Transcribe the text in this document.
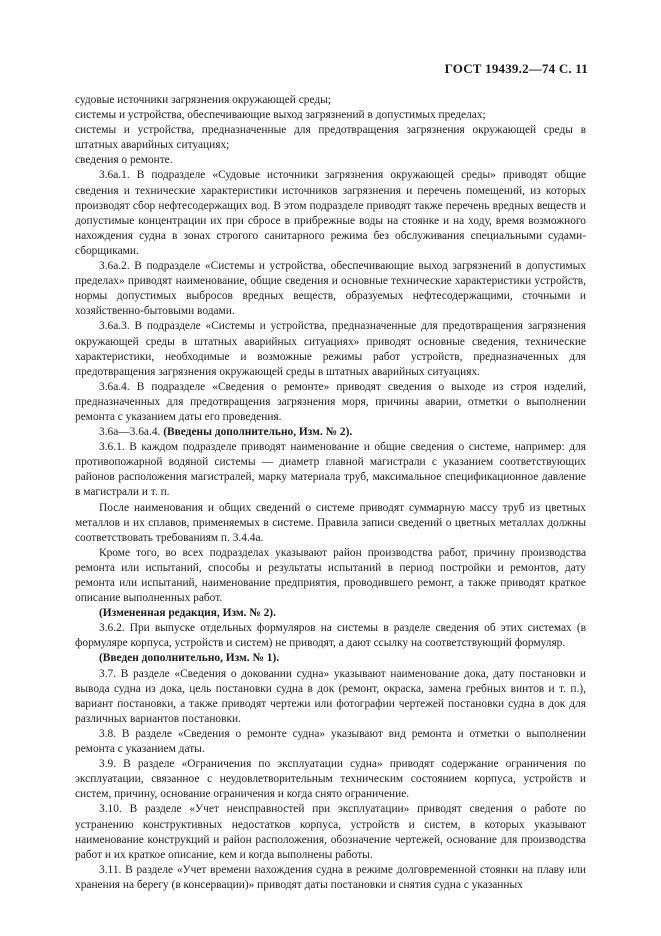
ГОСТ 19439.2—74 С. 11

судовые источники загрязнения окружающей среды;

системы и устройства, обеспечивающие выход загрязнений в допустимых пределах;

системы и устройства, предназначенные для предотвращения загрязнения окружающей среды в штатных аварийных ситуациях;

сведения о ремонте.

3.6а.1. В подразделе «Судовые источники загрязнения окружающей среды» приводят общие сведения и технические характеристики источников загрязнения и перечень помещений, из которых производят сбор нефтесодержащих вод. В этом подразделе приводят также перечень вредных веществ и допустимые концентрации их при сбросе в прибрежные воды на стоянке и на ходу, время возможного нахождения судна в зонах строгого санитарного режима без обслуживания специальными судами-сборщиками.

3.6а.2. В подразделе «Системы и устройства, обеспечивающие выход загрязнений в допустимых пределах» приводят наименование, общие сведения и основные технические характеристики устройств, нормы допустимых выбросов вредных веществ, образуемых нефтесодержащими, сточными и хозяйственно-бытовыми водами.

3.6а.3. В подразделе «Системы и устройства, предназначенные для предотвращения загрязнения окружающей среды в штатных аварийных ситуациях» приводят основные сведения, технические характеристики, необходимые и возможные режимы работ устройств, предназначенных для предотвращения загрязнения окружающей среды в штатных аварийных ситуациях.

3.6а.4. В подразделе «Сведения о ремонте» приводят сведения о выходе из строя изделий, предназначенных для предотвращения загрязнения моря, причины аварии, отметки о выполнении ремонта с указанием даты его проведения.

3.6а—3.6а.4. (Введены дополнительно, Изм. № 2).

3.6.1. В каждом подразделе приводят наименование и общие сведения о системе, например: для противопожарной водяной системы — диаметр главной магистрали с указанием соответствующих районов расположения магистралей, марку материала труб, максимальное спецификационное давление в магистрали и т. п.

После наименования и общих сведений о системе приводят суммарную массу труб из цветных металлов и их сплавов, применяемых в системе. Правила записи сведений о цветных металлах должны соответствовать требованиям п. 3.4.4а.

Кроме того, во всех подразделах указывают район производства работ, причину производства ремонта или испытаний, способы и результаты испытаний в период постройки и ремонтов, дату ремонта или испытаний, наименование предприятия, проводившего ремонт, а также приводят краткое описание выполненных работ.

(Измененная редакция, Изм. № 2).

3.6.2. При выпуске отдельных формуляров на системы в разделе сведения об этих системах (в формуляре корпуса, устройств и систем) не приводят, а дают ссылку на соответствующий формуляр.

(Введен дополнительно, Изм. № 1).

3.7. В разделе «Сведения о доковании судна» указывают наименование дока, дату постановки и вывода судна из дока, цель постановки судна в док (ремонт, окраска, замена гребных винтов и т. п.), вариант постановки, а также приводят чертежи или фотографии чертежей постановки судна в док для различных вариантов постановки.

3.8. В разделе «Сведения о ремонте судна» указывают вид ремонта и отметки о выполнении ремонта с указанием даты.

3.9. В разделе «Ограничения по эксплуатации судна» приводят содержание ограничения по эксплуатации, связанное с неудовлетворительным техническим состоянием корпуса, устройств и систем, причину, основание ограничения и когда снято ограничение.

3.10. В разделе «Учет неисправностей при эксплуатации» приводят сведения о работе по устранению конструктивных недостатков корпуса, устройств и систем, в которых указывают наименование конструкций и район расположения, обозначение чертежей, основание для производства работ и их краткое описание, кем и когда выполнены работы.

3.11. В разделе «Учет времени нахождения судна в режиме долговременной стоянки на плаву или хранения на берегу (в консервации)» приводят даты постановки и снятия судна с указанных
